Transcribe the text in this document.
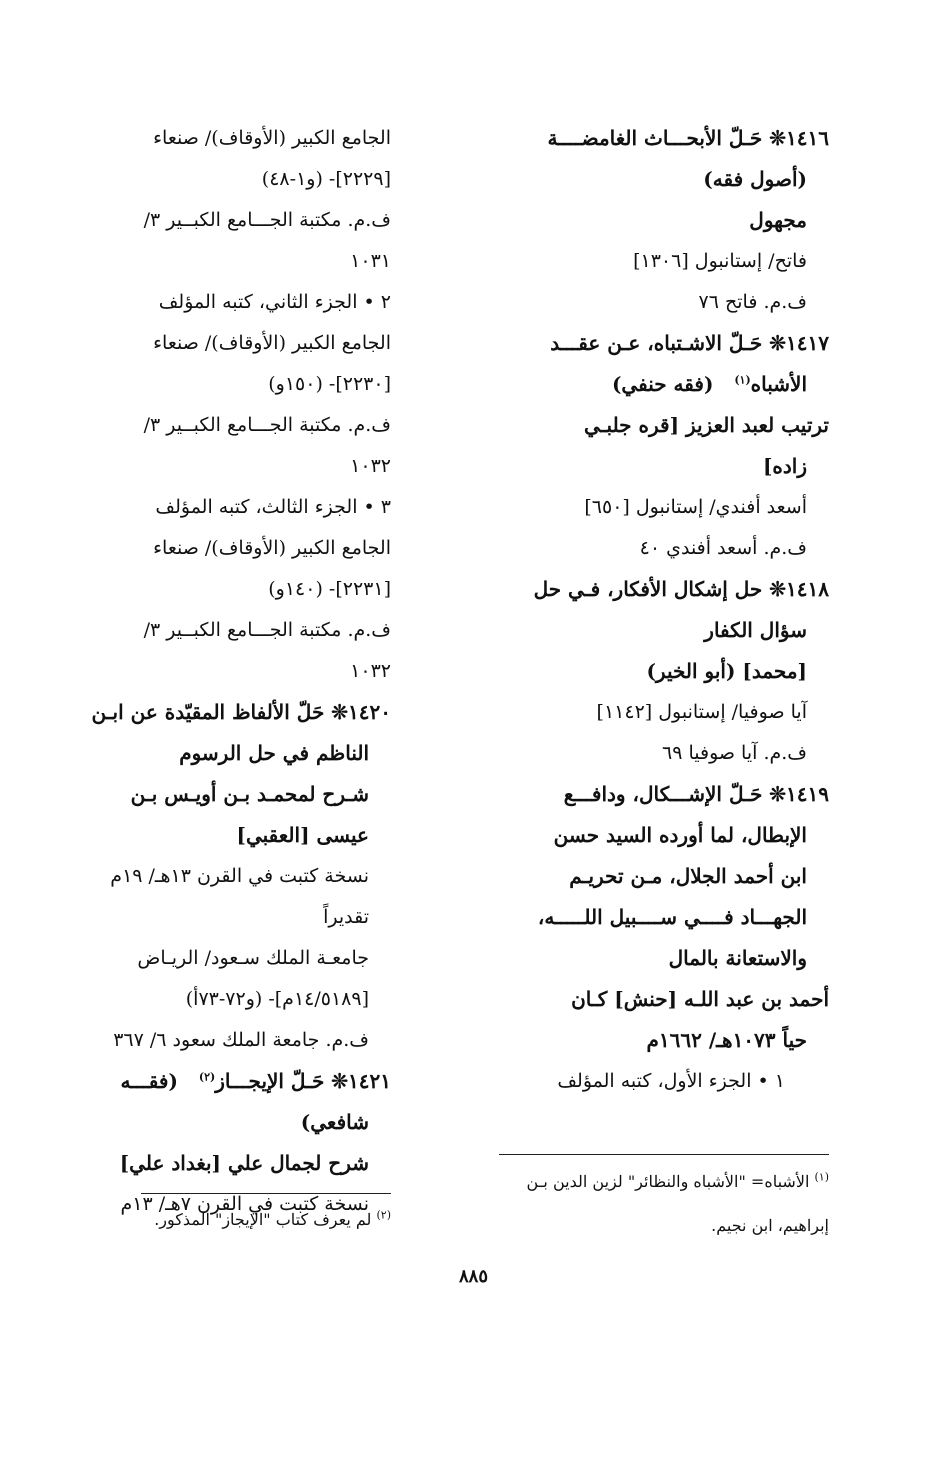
١٤١٦❊ حَـلّ الأبحـــاث الغامضــــة
(أصول فقه)
مجهول
فاتح/ إستانبول [١٣٠٦]
ف.م. فاتح ٧٦
١٤١٧❊ حَـلّ الاشـتباه، عـن عقـــد
الأشباه$^{(١)}$   (فقه حنفي)
ترتيب لعبد العزيز [قره جلبـي
زاده]
أسعد أفندي/ إستانبول [٦٥٠]
ف.م. أسعد أفندي ٤٠
١٤١٨❊ حل إشكال الأفكار، فـي حل
سؤال الكفار
[محمد] (أبو الخير)
آيا صوفيا/ إستانبول [١١٤٢]
ف.م. آيا صوفيا ٦٩
١٤١٩❊ حَـلّ الإشـــكال، ودافـــع
الإبطال، لما أورده السيد حسن
ابن أحمد الجلال، مـن تحريـم
الجهـــاد فــــي ســــبيل اللـــــه،
والاستعانة بالمال
أحمد بن عبد اللـه [حنش] كـان
حياً ١٠٧٣هـ/ ١٦٦٢م
١ • الجزء الأول، كتبه المؤلف
الجامع الكبير (الأوقاف)/ صنعاء
[٢٢٢٩]- (و١-٤٨)
ف.م. مكتبة الجـــامع الكبــير ٣/
١٠٣١
٢ • الجزء الثاني، كتبه المؤلف
الجامع الكبير (الأوقاف)/ صنعاء
[٢٢٣٠]- (١٥٠و)
ف.م. مكتبة الجـــامع الكبــير ٣/
١٠٣٢
٣ • الجزء الثالث، كتبه المؤلف
الجامع الكبير (الأوقاف)/ صنعاء
[٢٢٣١]- (١٤٠و)
ف.م. مكتبة الجـــامع الكبــير ٣/
١٠٣٢
١٤٢٠❊ حَلّ الألفاظ المقيّدة عن ابـن
الناظم في حل الرسوم
شـرح لمحمـد بـن أويـس بـن
عيسى [العقبي]
نسخة كتبت في القرن ١٣هـ/ ١٩م
تقديراً
جامعـة الملك سـعود/ الريـاض
[١٤/٥١٨٩م]- (و٧٢-٧٣أ)
ف.م. جامعة الملك سعود ٦/ ٣٦٧
١٤٢١❊ حَـلّ الإيجـــاز$^{(٢)}$   (فقـــه
شافعي)
شرح لجمال علي [بغداد علي]
نسخة كتبت في القرن ٧هـ/ ١٣م
$^{(١)}$ الأشباه= "الأشباه والنظائر" لزين الدين بـن
إبراهيم، ابن نجيم.
$^{(٢)}$ لم يعرف كتاب "الإيجاز" المذكور.
٨٨٥
